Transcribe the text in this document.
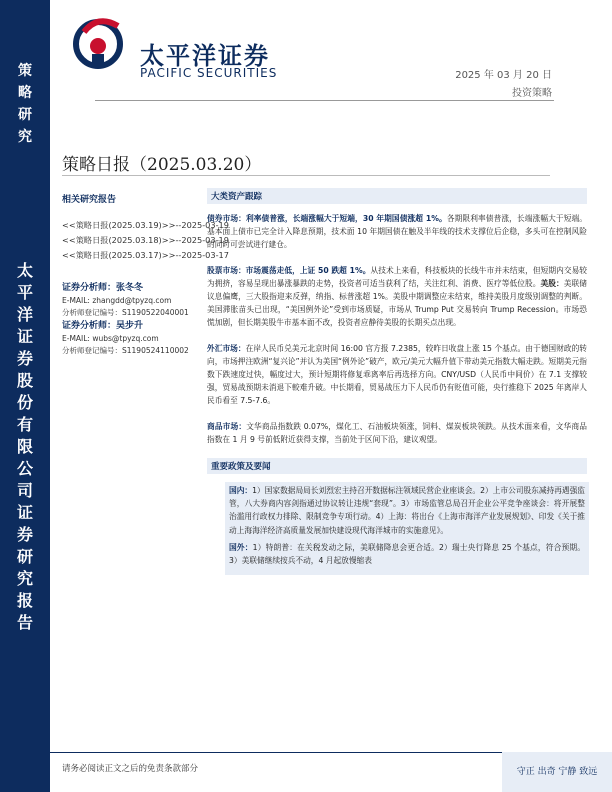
策
略
研
究
太
平
洋
证
券
股
份
有
限
公
司
证
券
研
究
报
告
太平洋证券
PACIFIC SECURITIES	2025 年 03 月 20 日
投资策略
策略日报（2025.03.20）
相关研究报告
<<策略日报(2025.03.19)>>--2025-03-19
<<策略日报(2025.03.18)>>--2025-03-19
<<策略日报(2025.03.17)>>--2025-03-17
证券分析师：张冬冬
E-MAIL: zhangdd@tpyzq.com
分析师登记编号：S1190522040001
证券分析师：吴步升
E-MAIL: wubs@tpyzq.com
分析师登记编号：S1190524110002
大类资产跟踪

债券市场：利率债普涨，长端涨幅大于短端，30 年期国债涨超 1%。各期限利率债普涨，长端涨幅大于短端。基本面上债市已完全计入降息预期，技术面 10 年期国债在触及半年线的技术支撑位后企稳，多头可在控制风险的同时可尝试进行建仓。

股票市场：市场震荡走低，上证 50 跌超 1%。从技术上来看，科技板块的长线牛市并未结束，但短期内交易较为拥挤，容易呈现出暴涨暴跌的走势，投资者可适当获利了结，关注红利、消费、医疗等低位股。美股：美联储议息偏鹰，三大股指迎来反弹，纳指、标普涨超 1%。美股中期调整应未结束，维持美股月度级别调整的判断。美国滞胀苗头已出现，“美国例外论”受到市场质疑，市场从 Trump Put 交易转向 Trump Recession。市场恐慌加剧，但长期美股牛市基本面不改，投资者应静待美股的长期买点出现。

外汇市场：在岸人民币兑美元北京时间 16:00 官方报 7.2385，较昨日收盘上涨 15 个基点。由于德国财政的转向，市场押注欧洲“复兴论”并认为美国“例外论”破产，欧元/美元大幅升值下带动美元指数大幅走跌。短期美元指数下跌速度过快，幅度过大，预计短期将修复乖离率后再选择方向。CNY/USD（人民币中间价）在 7.1 支撑较强，贸易战预期未消退下較难升破。中长期看，贸易战压力下人民币仍有贬值可能，央行推稳下 2025 年离岸人民币看至 7.5-7.6。

商品市场：文华商品指数跌 0.07%，煤化工、石油板块领涨，饲料、煤炭板块领跌。从技术面来看，文华商品指数在 1 月 9 号前低附近获得支撑，当前处于区间下沿，建议观望。

重要政策及要闻

国内：1）国家数据局局长刘烈宏主持召开数据标注领域民营企业座谈会。2）上市公司股东减持再遇强监管，八大券商内容剑指通过协议转让违规“套现”。3）市场监管总局召开企业公平竞争座谈会：将开展整治滥用行政权力排除、限制竞争专项行动。4）上海：将出台《上海市海洋产业发展规划》、印发《关于推动上海海洋经济高质量发展加快建设现代海洋城市的实施意见》。

国外：1）特朗普：在关税发动之际，美联储降息会更合适。2）瑞士央行降息 25 个基点，符合预期。3）美联储继续按兵不动，4 月起放慢缩表

请务必阅读正文之后的免责条款部分	守正 出奇 宁静 致远
